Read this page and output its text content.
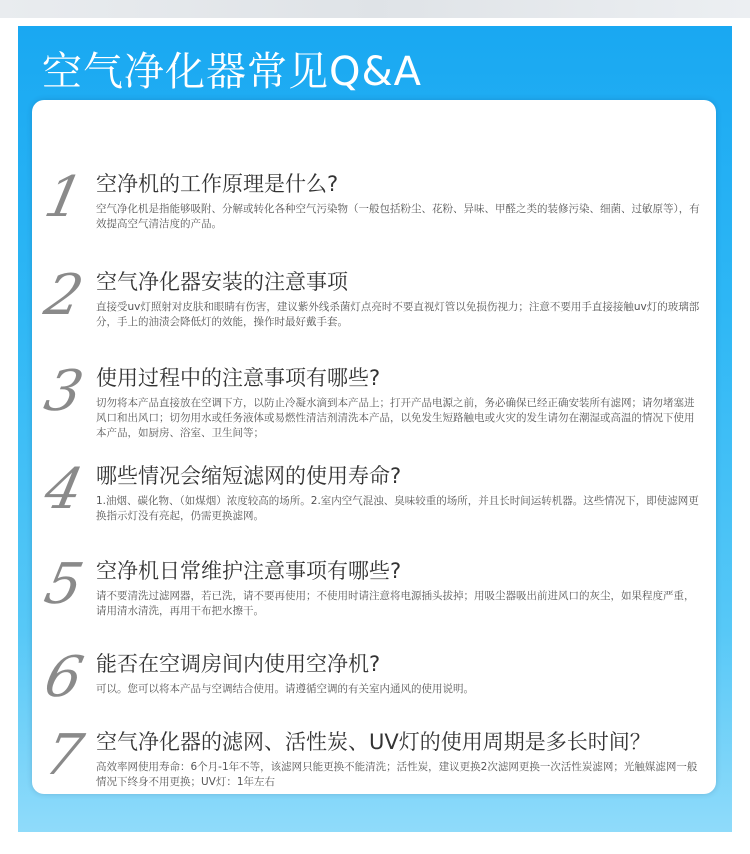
空气净化器常见Q&A
1 空净机的工作原理是什么?
空气净化机是指能够吸附、分解或转化各种空气污染物（一般包括粉尘、花粉、异味、甲醛之类的装修污染、细菌、过敏原等），有效提高空气清洁度的产品。
2 空气净化器安装的注意事项
直接受uv灯照射对皮肤和眼睛有伤害，建议紫外线杀菌灯点亮时不要直视灯管以免损伤视力；注意不要用手直接接触uv灯的玻璃部分，手上的油渍会降低灯的效能，操作时最好戴手套。
3 使用过程中的注意事项有哪些?
切勿将本产品直接放在空调下方，以防止冷凝水滴到本产品上；打开产品电源之前，务必确保已经正确安装所有滤网；请勿堵塞进风口和出风口；切勿用水或任务液体或易燃性清洁剂清洗本产品，以免发生短路触电或火灾的发生请勿在潮湿或高温的情况下使用本产品，如厨房、浴室、卫生间等；
4 哪些情况会缩短滤网的使用寿命?
1.油烟、碳化物、（如煤烟）浓度较高的场所。2.室内空气混浊、臭味较重的场所，并且长时间运转机器。这些情况下，即使滤网更换指示灯没有亮起，仍需更换滤网。
5 空净机日常维护注意事项有哪些?
请不要清洗过滤网器，若已洗，请不要再使用；不使用时请注意将电源插头拔掉；用吸尘器吸出前进风口的灰尘，如果程度严重，请用清水清洗，再用干布把水擦干。
6 能否在空调房间内使用空净机?
可以。您可以将本产品与空调结合使用。请遵循空调的有关室内通风的使用说明。
7 空气净化器的滤网、活性炭、UV灯的使用周期是多长时间？
高效率网使用寿命：6个月-1年不等，该滤网只能更换不能清洗；活性炭，建议更换2次滤网更换一次活性炭滤网；光触媒滤网一般情况下终身不用更换；UV灯：1年左右
